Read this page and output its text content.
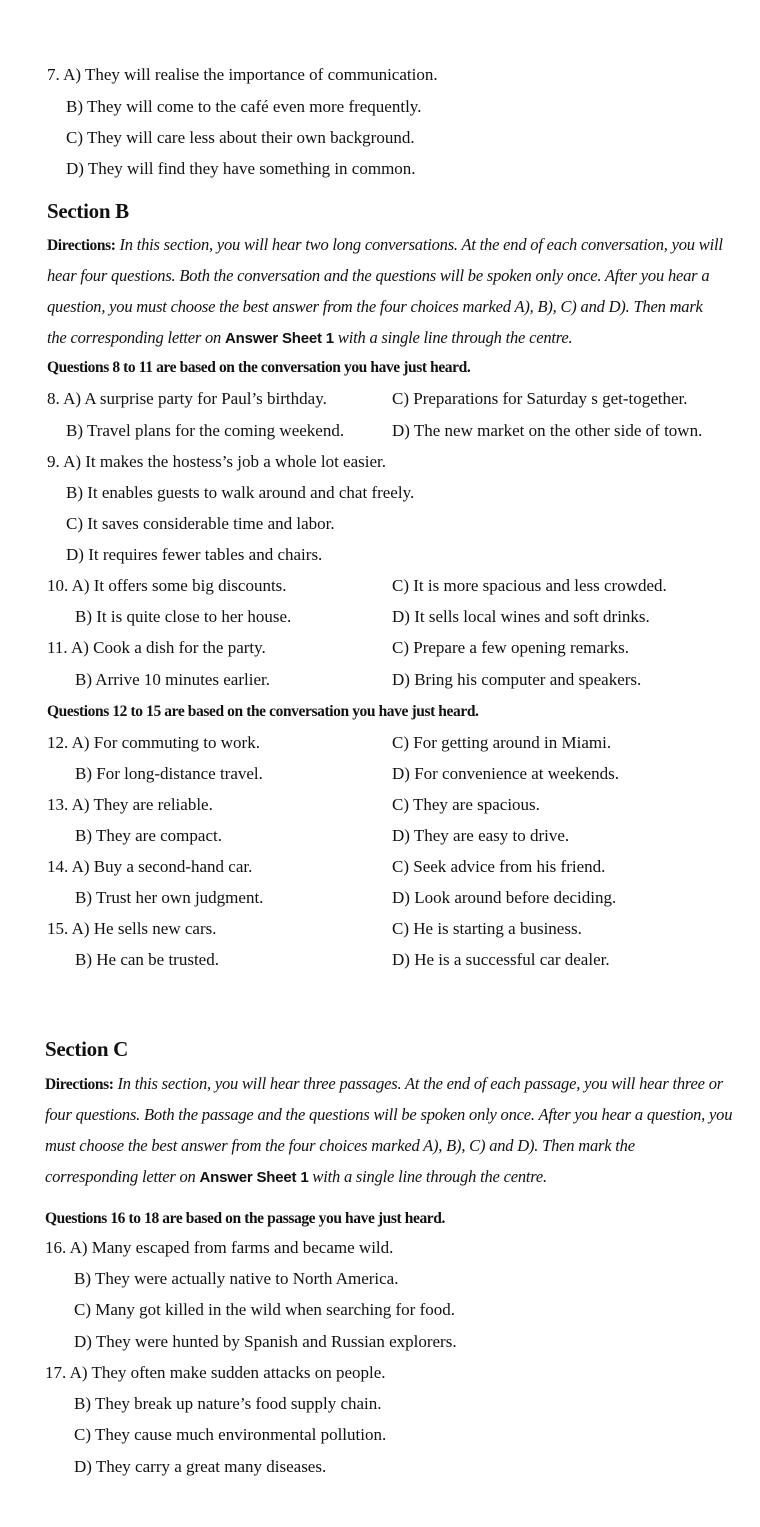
7. A) They will realise the importance of communication.
B) They will come to the café even more frequently.
C) They will care less about their own background.
D) They will find they have something in common.
Section B
Directions: In this section, you will hear two long conversations. At the end of each conversation, you will
hear four questions. Both the conversation and the questions will be spoken only once. After you hear a
question, you must choose the best answer from the four choices marked A), B), C) and D). Then mark
the corresponding letter on Answer Sheet 1 with a single line through the centre.
Questions 8 to 11 are based on the conversation you have just heard.
8. A) A surprise party for Paul’s birthday.	C) Preparations for Saturday s get-together.
B) Travel plans for the coming weekend.	D) The new market on the other side of town.
9. A) It makes the hostess’s job a whole lot easier.
B) It enables guests to walk around and chat freely.
C) It saves considerable time and labor.
D) It requires fewer tables and chairs.
10. A) It offers some big discounts.	C) It is more spacious and less crowded.
B) It is quite close to her house.	D) It sells local wines and soft drinks.
11. A) Cook a dish for the party.	C) Prepare a few opening remarks.
B) Arrive 10 minutes earlier.	D) Bring his computer and speakers.
Questions 12 to 15 are based on the conversation you have just heard.
12. A) For commuting to work.	C) For getting around in Miami.
B) For long-distance travel.	D) For convenience at weekends.
13. A) They are reliable.	C) They are spacious.
B) They are compact.	D) They are easy to drive.
14. A) Buy a second-hand car.	C) Seek advice from his friend.
B) Trust her own judgment.	D) Look around before deciding.
15. A) He sells new cars.	C) He is starting a business.
B) He can be trusted.	D) He is a successful car dealer.
Section C
Directions: In this section, you will hear three passages. At the end of each passage, you will hear three or
four questions. Both the passage and the questions will be spoken only once. After you hear a question, you
must choose the best answer from the four choices marked A), B), C) and D). Then mark the
corresponding letter on Answer Sheet 1 with a single line through the centre.
Questions 16 to 18 are based on the passage you have just heard.
16. A) Many escaped from farms and became wild.
B) They were actually native to North America.
C) Many got killed in the wild when searching for food.
D) They were hunted by Spanish and Russian explorers.
17. A) They often make sudden attacks on people.
B) They break up nature’s food supply chain.
C) They cause much environmental pollution.
D) They carry a great many diseases.
